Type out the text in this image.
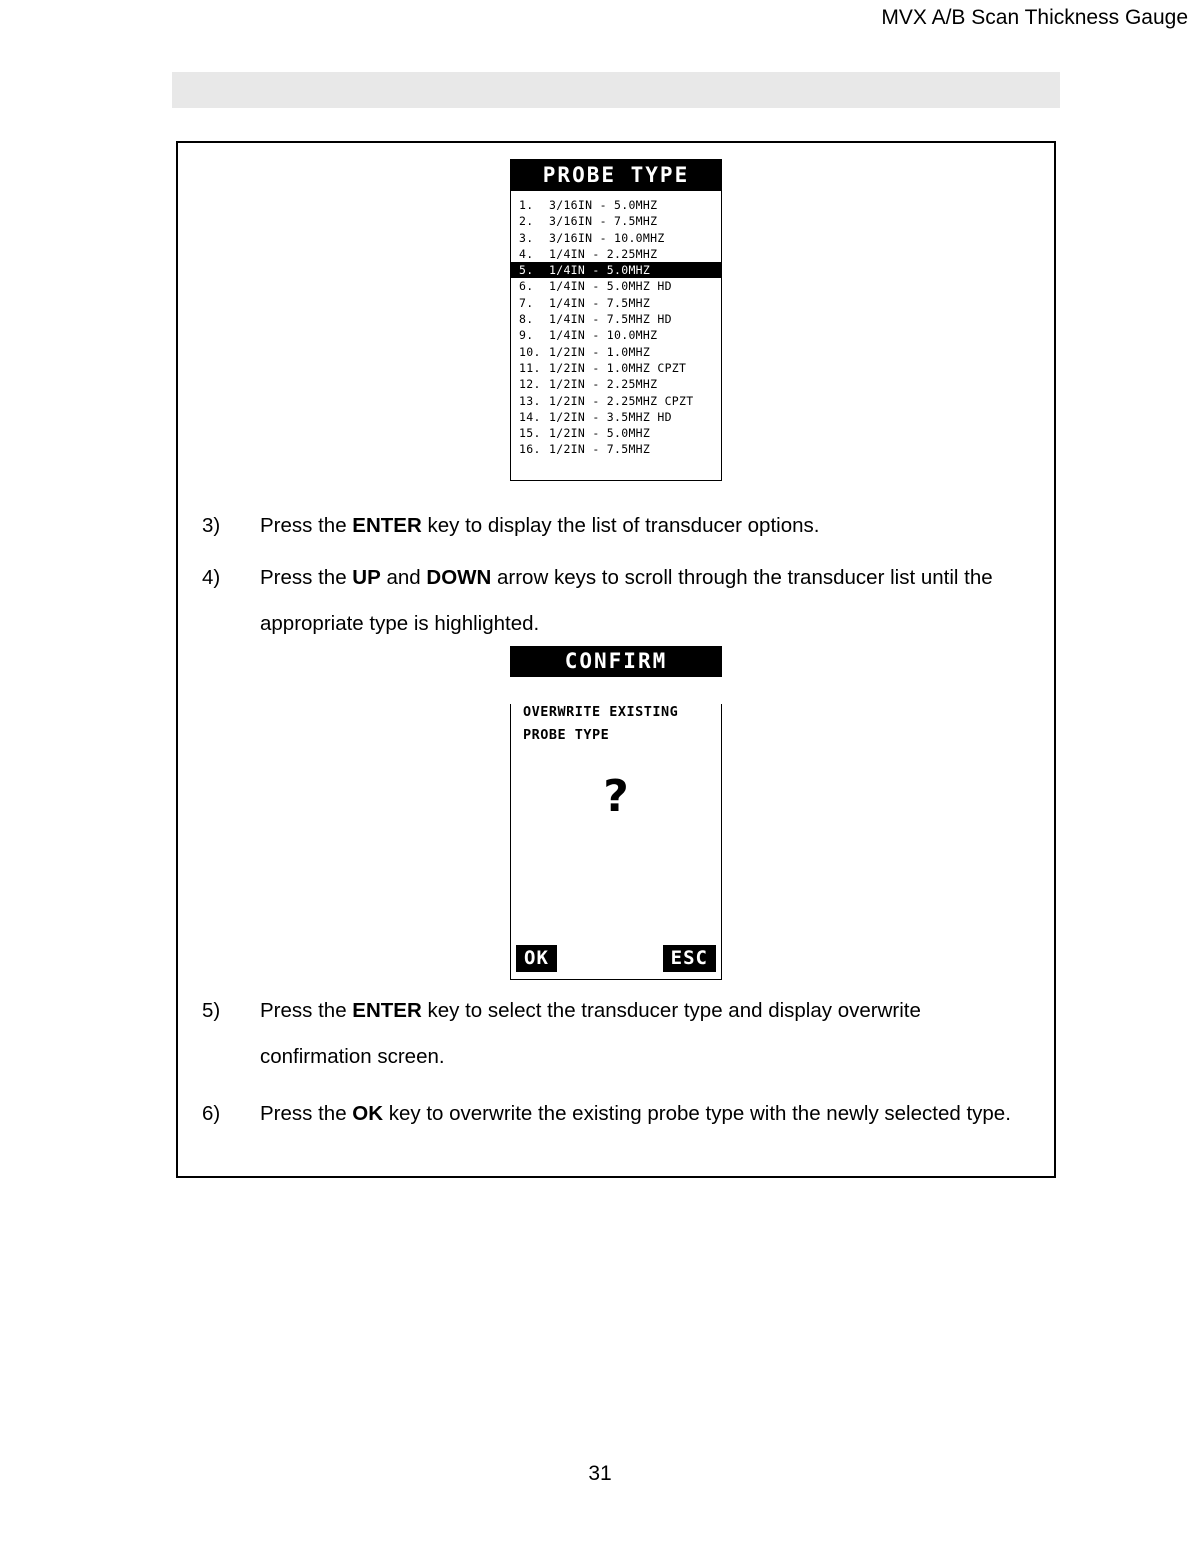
MVX A/B Scan Thickness Gauge
PROBE TYPE
1. 3/16IN - 5.0MHZ
2. 3/16IN - 7.5MHZ
3. 3/16IN - 10.0MHZ
4. 1/4IN - 2.25MHZ
5. 1/4IN - 5.0MHZ
6. 1/4IN - 5.0MHZ HD
7. 1/4IN - 7.5MHZ
8. 1/4IN - 7.5MHZ HD
9. 1/4IN - 10.0MHZ
10. 1/2IN - 1.0MHZ
11. 1/2IN - 1.0MHZ CPZT
12. 1/2IN - 2.25MHZ
13. 1/2IN - 2.25MHZ CPZT
14. 1/2IN - 3.5MHZ HD
15. 1/2IN - 5.0MHZ
16. 1/2IN - 7.5MHZ
3)	Press the ENTER key to display the list of transducer options.
4)	Press the UP and DOWN arrow keys to scroll through the transducer list until the appropriate type is highlighted.
CONFIRM
OVERWRITE EXISTING
PROBE TYPE
?
OK	ESC
5)	Press the ENTER key to select the transducer type and display overwrite confirmation screen.
6)	Press the OK key to overwrite the existing probe type with the newly selected type.
31
